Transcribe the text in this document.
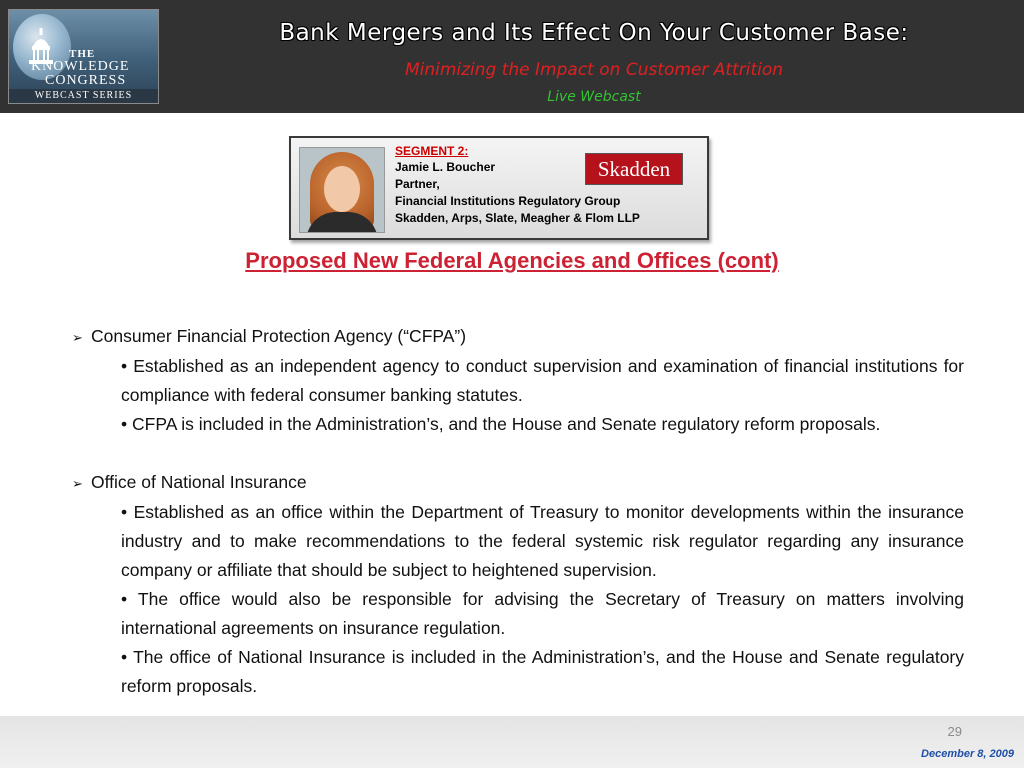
THE
KNOWLEDGE
CONGRESS
WEBCAST SERIES
Bank Mergers and Its Effect On Your Customer Base:
Minimizing the Impact on Customer Attrition
Live Webcast
SEGMENT 2:
Jamie L. Boucher
Partner,
Financial Institutions Regulatory Group
Skadden, Arps, Slate, Meagher & Flom LLP
Skadden
Proposed New Federal Agencies and Offices (cont)

➢ Consumer Financial Protection Agency (“CFPA”)

• Established as an independent agency to conduct supervision and examination of financial institutions for compliance with federal consumer banking statutes.

• CFPA is included in the Administration’s, and the House and Senate regulatory reform proposals.

➢ Office of National Insurance

• Established as an office within the Department of Treasury to monitor developments within the insurance industry and to make recommendations to the federal systemic risk regulator regarding any insurance company or affiliate that should be subject to heightened supervision.

• The office would also be responsible for advising the Secretary of Treasury on matters involving international agreements on insurance regulation.

• The office of National Insurance is included in the Administration’s, and the House and Senate regulatory reform proposals.

29
December 8, 2009
